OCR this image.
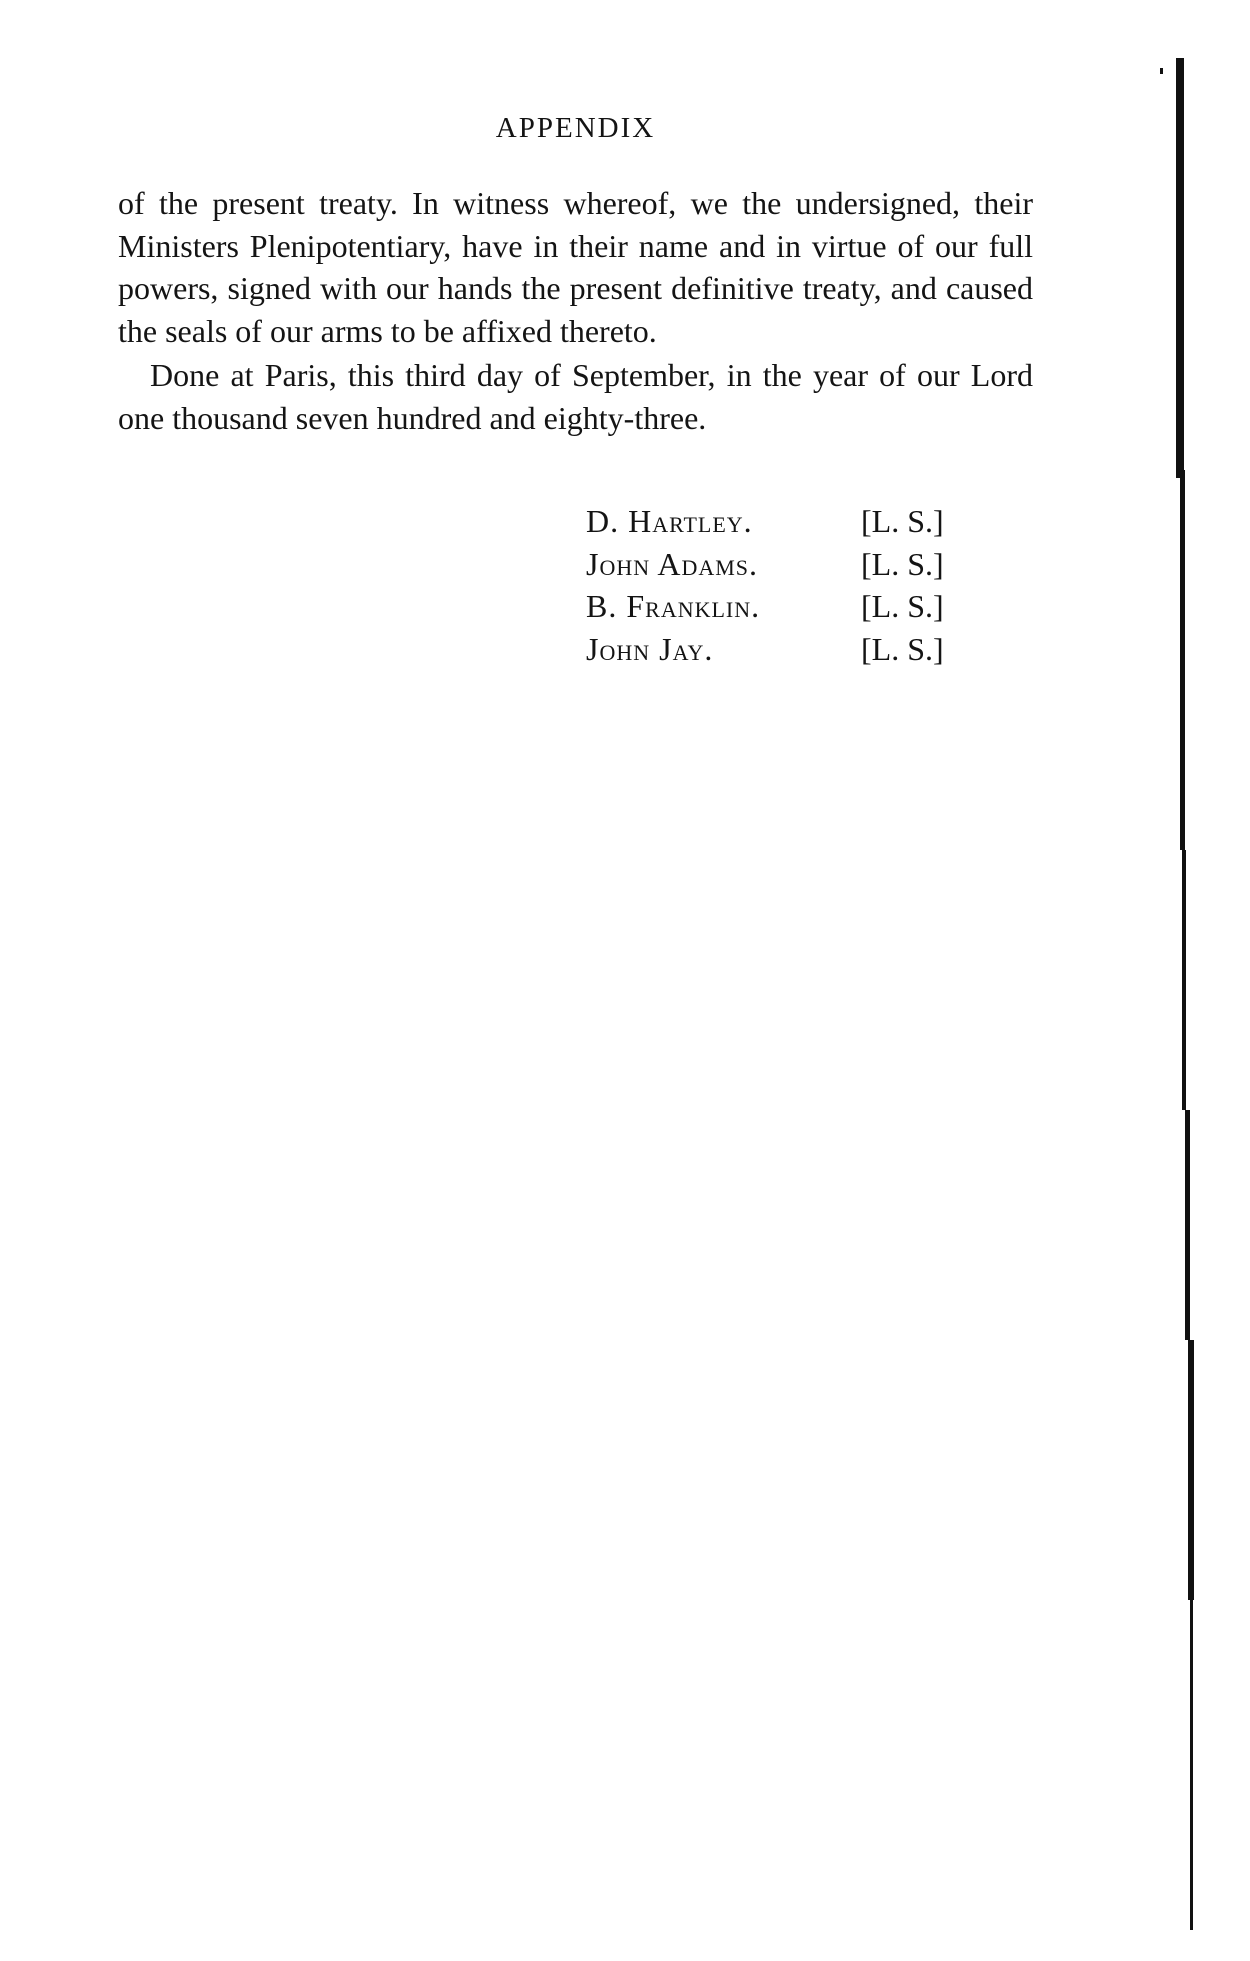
APPENDIX

of the present treaty. In witness whereof, we the undersigned, their Ministers Plenipotentiary, have in their name and in virtue of our full powers, signed with our hands the present definitive treaty, and caused the seals of our arms to be affixed thereto.

Done at Paris, this third day of September, in the year of our Lord one thousand seven hundred and eighty-three.

D. Hartley.	[L. S.]
John Adams.	[L. S.]
B. Franklin.	[L. S.]
John Jay.	[L. S.]
